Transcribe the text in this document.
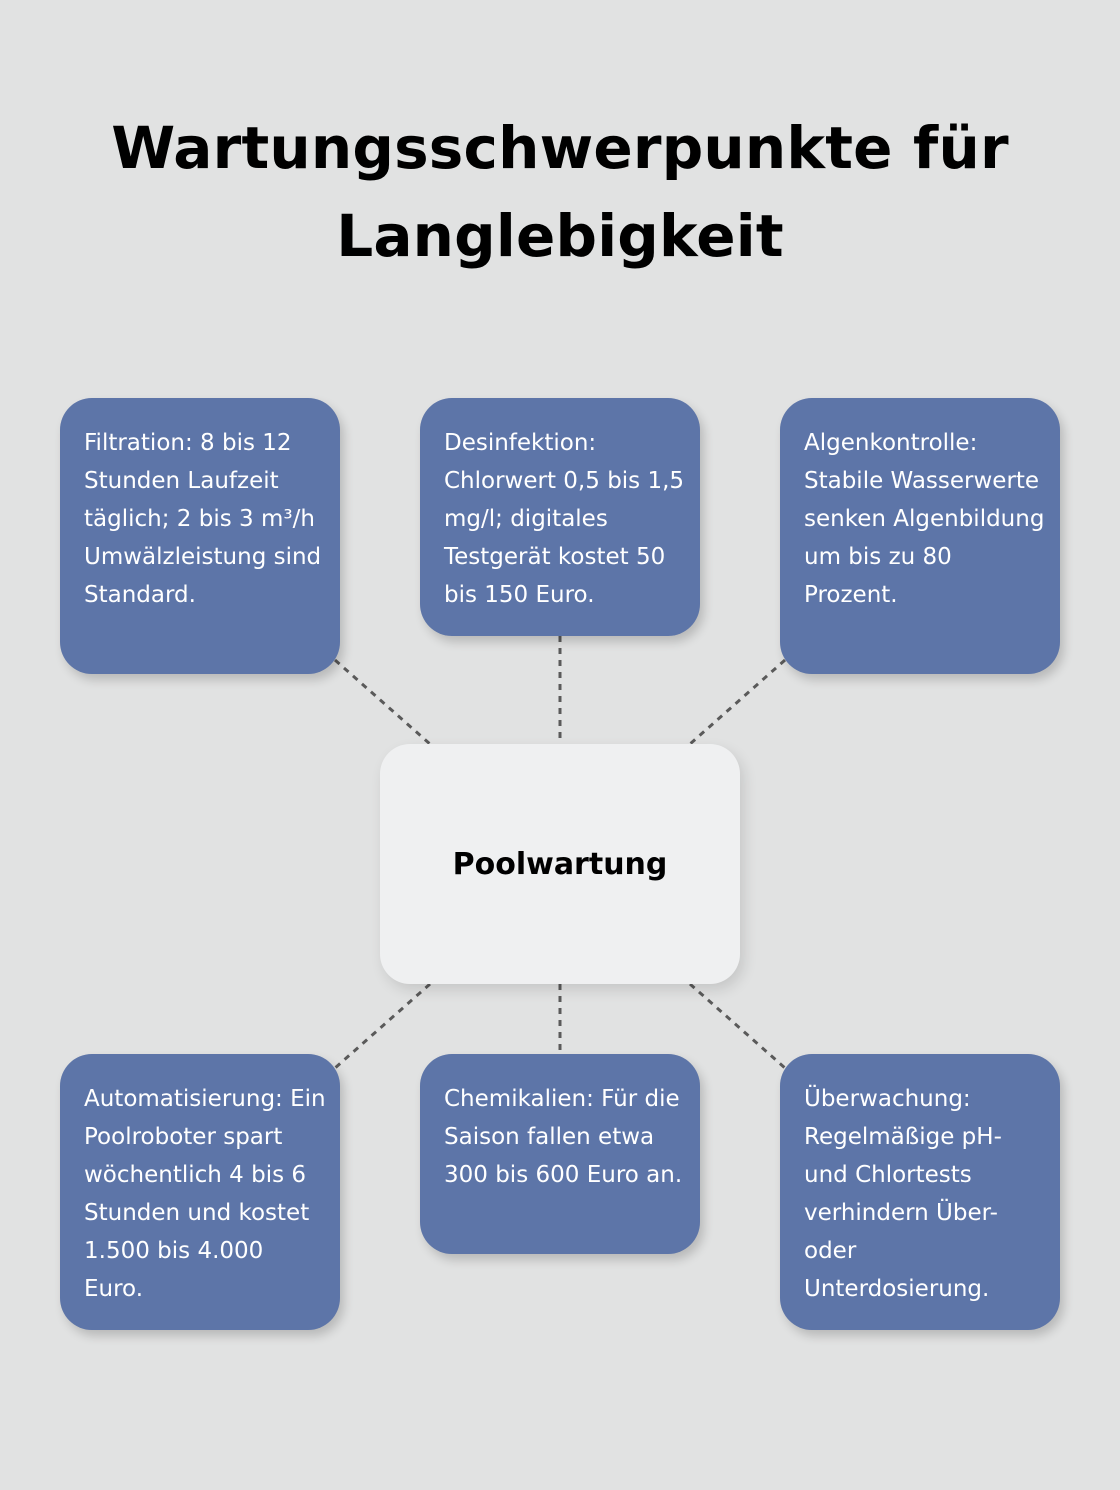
Wartungsschwerpunkte für
Langlebigkeit

Filtration: 8 bis 12 Stunden Laufzeit täglich; 2 bis 3 m³/h Umwälzleistung sind Standard.

Desinfektion: Chlorwert 0,5 bis 1,5 mg/l; digitales Testgerät kostet 50 bis 150 Euro.

Algenkontrolle: Stabile Wasserwerte senken Algenbildung um bis zu 80 Prozent.

Poolwartung

Automatisierung: Ein Poolroboter spart wöchentlich 4 bis 6 Stunden und kostet 1.500 bis 4.000 Euro.

Chemikalien: Für die Saison fallen etwa 300 bis 600 Euro an.

Überwachung: Regelmäßige pH- und Chlortests verhindern Über- oder Unterdosierung.
